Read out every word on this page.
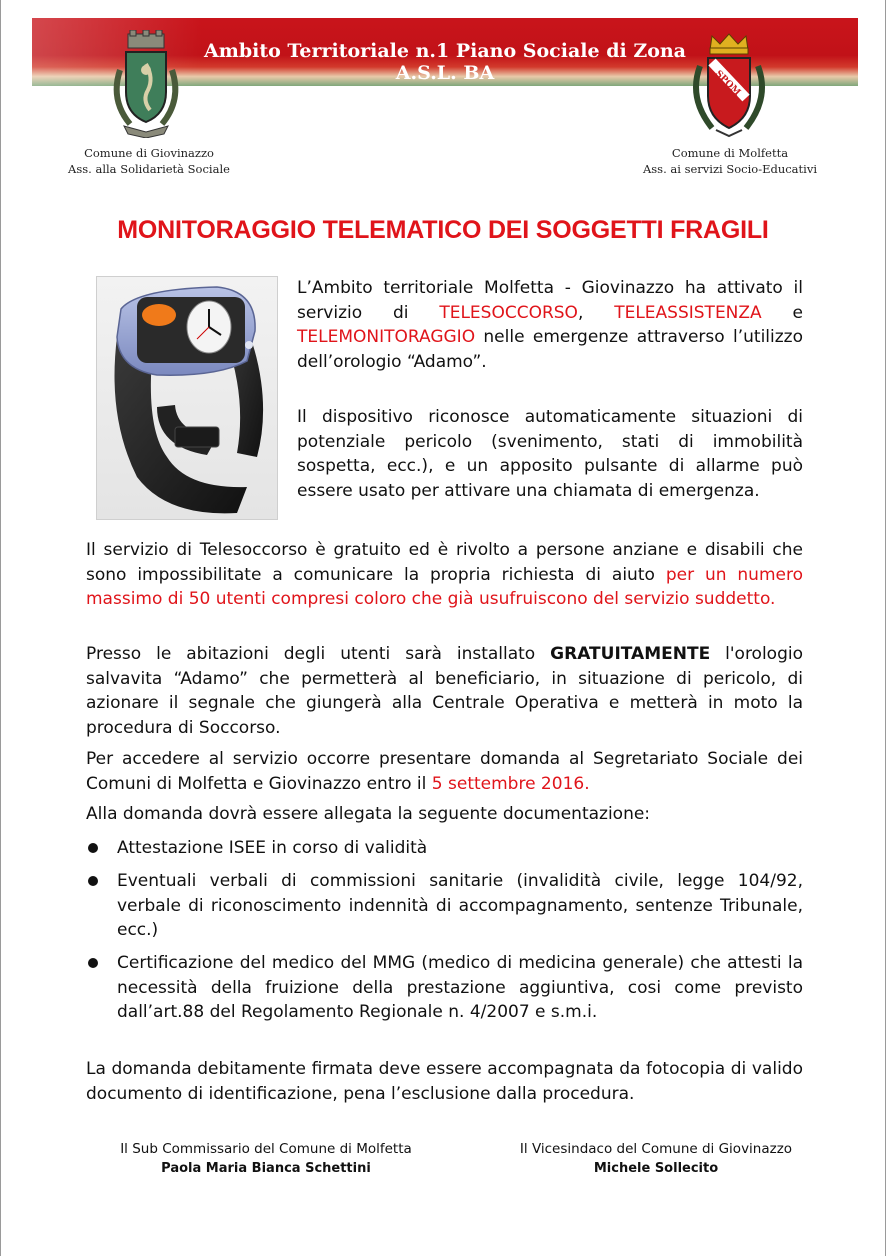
Ambito Territoriale n.1 Piano Sociale di Zona
A.S.L. BA
Comune di Giovinazzo
Ass. alla Solidarietà Sociale
SPQM
Comune di Molfetta
Ass. ai servizi Socio-Educativi
MONITORAGGIO TELEMATICO DEI SOGGETTI FRAGILI

L’Ambito territoriale Molfetta - Giovinazzo ha attivato il servizio di TELESOCCORSO, TELEASSISTENZA e TELEMONITORAGGIO nelle emergenze attraverso l’utilizzo dell’orologio “Adamo”.

Il dispositivo riconosce automaticamente situazioni di potenziale pericolo (svenimento, stati di immobilità sospetta, ecc.), e un apposito pulsante di allarme può essere usato per attivare una chiamata di emergenza.

Il servizio di Telesoccorso è gratuito ed è rivolto a persone anziane e disabili che sono impossibilitate a comunicare la propria richiesta di aiuto per un numero massimo di 50 utenti compresi coloro che già usufruiscono del servizio suddetto.

Presso le abitazioni degli utenti sarà installato GRATUITAMENTE l'orologio salvavita “Adamo” che permetterà al beneficiario, in situazione di pericolo, di azionare il segnale che giungerà alla Centrale Operativa e metterà in moto la procedura di Soccorso.

Per accedere al servizio occorre presentare domanda al Segretariato Sociale dei Comuni di Molfetta e Giovinazzo entro il 5 settembre 2016.

Alla domanda dovrà essere allegata la seguente documentazione:

Attestazione ISEE in corso di validità

Eventuali verbali di commissioni sanitarie (invalidità civile, legge 104/92, verbale di riconoscimento indennità di accompagnamento, sentenze Tribunale, ecc.)

Certificazione del medico del MMG (medico di medicina generale) che attesti la necessità della fruizione della prestazione aggiuntiva, cosi come previsto dall’art.88 del Regolamento Regionale n. 4/2007 e s.m.i.

La domanda debitamente firmata deve essere accompagnata da fotocopia di valido documento di identificazione, pena l’esclusione dalla procedura.

Il Sub Commissario del Comune di Molfetta
Paola Maria Bianca Schettini
Il Vicesindaco del Comune di Giovinazzo
Michele Sollecito
